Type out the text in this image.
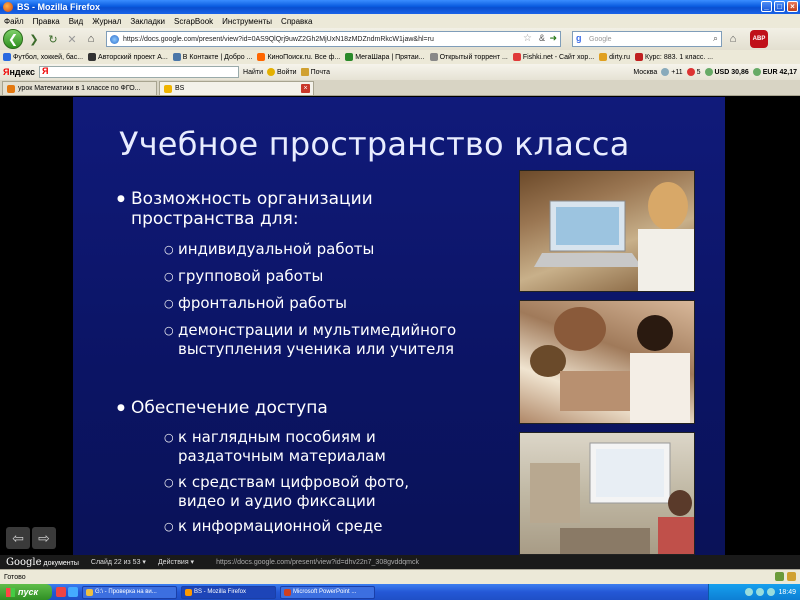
BS - Mozilla Firefox	_	□	×
Файл Правка Вид Журнал Закладки ScrapBook Инструменты Справка
❮	❯ ↻ ✕	⌂	https://docs.google.com/present/view?id=0AS9QlQrj9uwZ2Gh2MjUxN18zMDZndmRkcW1jaw&hl=ru	☆ & ➜ g Google	⌕	⌂	ABP
Футбол, хоккей, бас... Авторский проект А... В Контакте | Добро ... КиноПоиск.ru. Все ф... МегаШара | Прятаи... Открытый торрент ... Fishki.net - Сайт хор... dirty.ru Курс: 883. 1 класс. ...
Яндекс Я	Найти Войти Почта	Москва +11 5 USD 30,86 EUR 42,17
урок Математики в 1 классе по ФГО...	BS	×
Учебное пространство класса
● Возможность организации
пространства для:
○ индивидуальной работы
○ групповой работы
○ фронтальной работы
○ демонстрации и мультимедийного
выступления ученика или учителя
● Обеспечение доступа
○ к наглядным пособиям и
раздаточным материалам
○ к средствам цифровой фото,
видео и аудио фиксации
○ к информационной среде
⇦	⇨
Google документы Слайд 22 из 53 ▾ Действия ▾	https://docs.google.com/present/view?id=dhv22n7_308gvddqmck
Готово
пуск	G:\ - Проверка на ви...	BS - Mozilla Firefox	Microsoft PowerPoint ...	18:49
